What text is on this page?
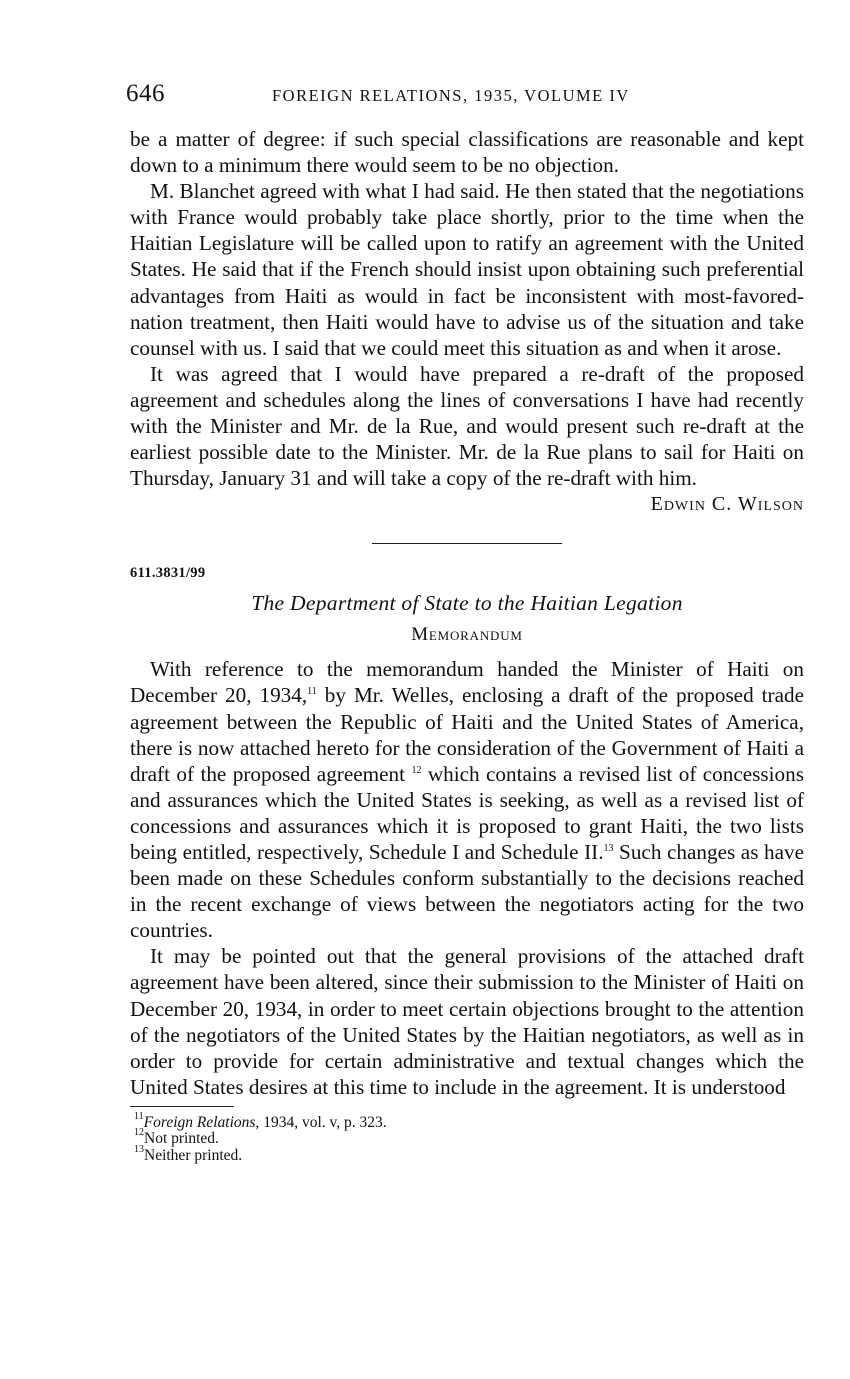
646	FOREIGN RELATIONS, 1935, VOLUME IV

be a matter of degree: if such special classifications are reasonable and kept down to a minimum there would seem to be no objection.

M. Blanchet agreed with what I had said. He then stated that the negotiations with France would probably take place shortly, prior to the time when the Haitian Legislature will be called upon to ratify an agreement with the United States. He said that if the French should insist upon obtaining such preferential advantages from Haiti as would in fact be inconsistent with most-favored-nation treatment, then Haiti would have to advise us of the situation and take counsel with us. I said that we could meet this situation as and when it arose.

It was agreed that I would have prepared a re-draft of the proposed agreement and schedules along the lines of conversations I have had recently with the Minister and Mr. de la Rue, and would present such re-draft at the earliest possible date to the Minister. Mr. de la Rue plans to sail for Haiti on Thursday, January 31 and will take a copy of the re-draft with him.

Edwin C. Wilson
611.3831/99
The Department of State to the Haitian Legation
Memorandum

With reference to the memorandum handed the Minister of Haiti on December 20, 1934,11 by Mr. Welles, enclosing a draft of the proposed trade agreement between the Republic of Haiti and the United States of America, there is now attached hereto for the consideration of the Government of Haiti a draft of the proposed agreement $^{12}$ which contains a revised list of concessions and assurances which the United States is seeking, as well as a revised list of concessions and assurances which it is proposed to grant Haiti, the two lists being entitled, respectively, Schedule I and Schedule II.$^{13}$ Such changes as have been made on these Schedules conform substantially to the decisions reached in the recent exchange of views between the negotiators acting for the two countries.

It may be pointed out that the general provisions of the attached draft agreement have been altered, since their submission to the Minister of Haiti on December 20, 1934, in order to meet certain objections brought to the attention of the negotiators of the United States by the Haitian negotiators, as well as in order to provide for certain administrative and textual changes which the United States desires at this time to include in the agreement. It is understood

$^{11}$Foreign Relations, 1934, vol. v, p. 323.
$^{12}$Not printed.
$^{13}$Neither printed.
